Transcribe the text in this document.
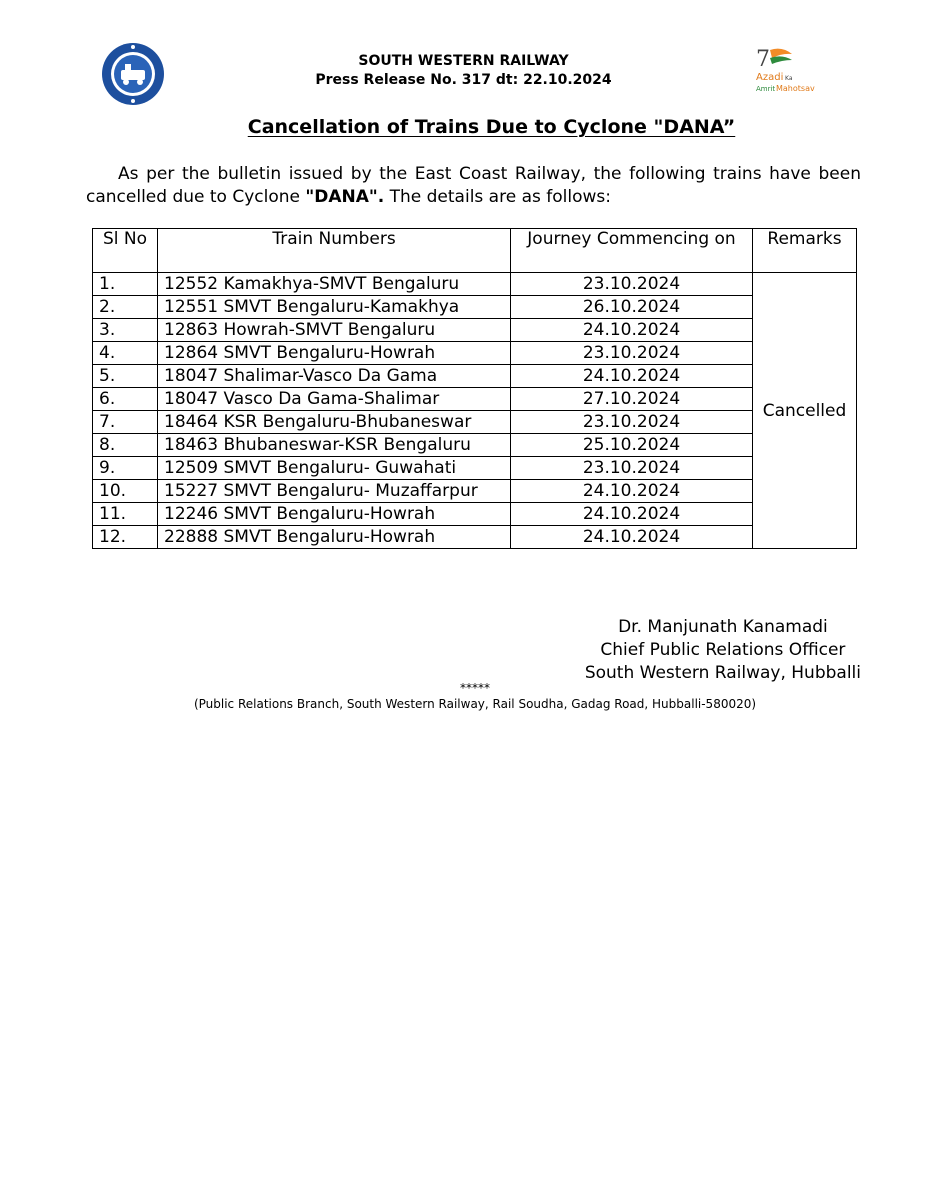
7
Azadi Ka
Amrit Mahotsav
SOUTH WESTERN RAILWAY
Press Release No. 317 dt: 22.10.2024
Cancellation of Trains Due to Cyclone "DANA”

As per the bulletin issued by the East Coast Railway, the following trains have been cancelled due to Cyclone "DANA". The details are as follows:

Sl No	Train Numbers	Journey Commencing on	Remarks
1.	12552 Kamakhya-SMVT Bengaluru	23.10.2024	Cancelled
2.	12551 SMVT Bengaluru-Kamakhya	26.10.2024	
3.	12863 Howrah-SMVT Bengaluru	24.10.2024	
4.	12864 SMVT Bengaluru-Howrah	23.10.2024	
5.	18047 Shalimar-Vasco Da Gama	24.10.2024	
6.	18047 Vasco Da Gama-Shalimar	27.10.2024	
7.	18464 KSR Bengaluru-Bhubaneswar	23.10.2024	
8.	18463 Bhubaneswar-KSR Bengaluru	25.10.2024	
9.	12509 SMVT Bengaluru- Guwahati	23.10.2024	
10.	15227 SMVT Bengaluru- Muzaffarpur	24.10.2024	
11.	12246 SMVT Bengaluru-Howrah	24.10.2024	
12.	22888 SMVT Bengaluru-Howrah	24.10.2024	
Dr. Manjunath Kanamadi
Chief Public Relations Officer
South Western Railway, Hubballi
*****
(Public Relations Branch, South Western Railway, Rail Soudha, Gadag Road, Hubballi-580020)
